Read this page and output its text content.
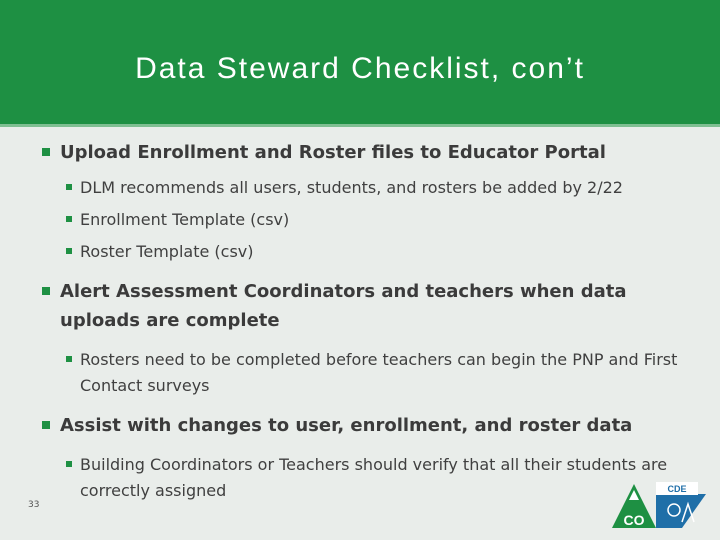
Data Steward Checklist, con’t
Upload Enrollment and Roster files to Educator Portal
DLM recommends all users, students, and rosters be added by 2/22
Enrollment Template (csv)
Roster Template (csv)
Alert Assessment Coordinators and teachers when data uploads are complete
Rosters need to be completed before teachers can begin the PNP and First Contact surveys
Assist with changes to user, enrollment, and roster data
Building Coordinators or Teachers should verify that all their students are correctly assigned
33
CDE
CO
